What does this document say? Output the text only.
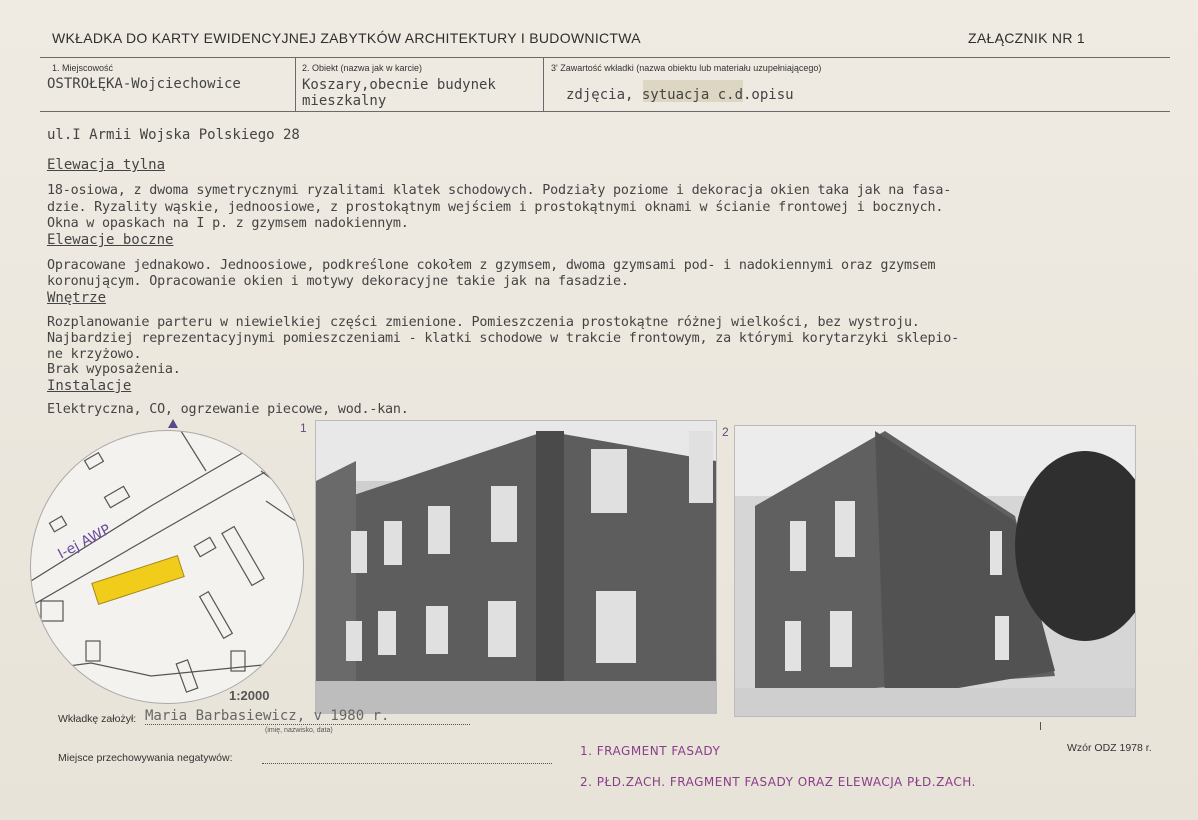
WKŁADKA DO KARTY EWIDENCYJNEJ ZABYTKÓW ARCHITEKTURY I BUDOWNICTWA	ZAŁĄCZNIK NR 1
1. Miejscowość
OSTROŁĘKA-Wojciechowice
2. Obiekt (nazwa jak w karcie)
Koszary,obecnie budynek
mieszkalny
3' Zawartość wkładki (nazwa obiektu lub materiału uzupełniającego)
zdjęcia, sytuacja c.d.opisu
ul.I Armii Wojska Polskiego 28
Elewacja tylna
18-osiowa, z dwoma symetrycznymi ryzalitami klatek schodowych. Podziały poziome i dekoracja okien taka jak na fasa-
dzie. Ryzality wąskie, jednoosiowe, z prostokątnym wejściem i prostokątnymi oknami w ścianie frontowej i bocznych.
Okna w opaskach na I p. z gzymsem nadokiennym.
Elewacje boczne
Opracowane jednakowo. Jednoosiowe, podkreślone cokołem z gzymsem, dwoma gzymsami pod- i nadokiennymi oraz gzymsem
koronującym. Opracowanie okien i motywy dekoracyjne takie jak na fasadzie.
Wnętrze
Rozplanowanie parteru w niewielkiej części zmienione. Pomieszczenia prostokątne różnej wielkości, bez wystroju.
Najbardziej reprezentacyjnymi pomieszczeniami - klatki schodowe w trakcie frontowym, za którymi korytarzyki sklepio-
ne krzyżowo.
Brak wyposażenia.
Instalacje
Elektryczna, CO, ogrzewanie piecowe, wod.-kan.
I-ej AWP
1:2000
1	2
Wkładkę założył: Maria Barbasiewicz, v 1980 r.
(imię, nazwisko, data)
Miejsce przechowywania negatywów:	1. FRAGMENT FASADY
2. PŁD.ZACH. FRAGMENT FASADY ORAZ ELEWACJA PŁD.ZACH.
Wzór ODZ 1978 r.
